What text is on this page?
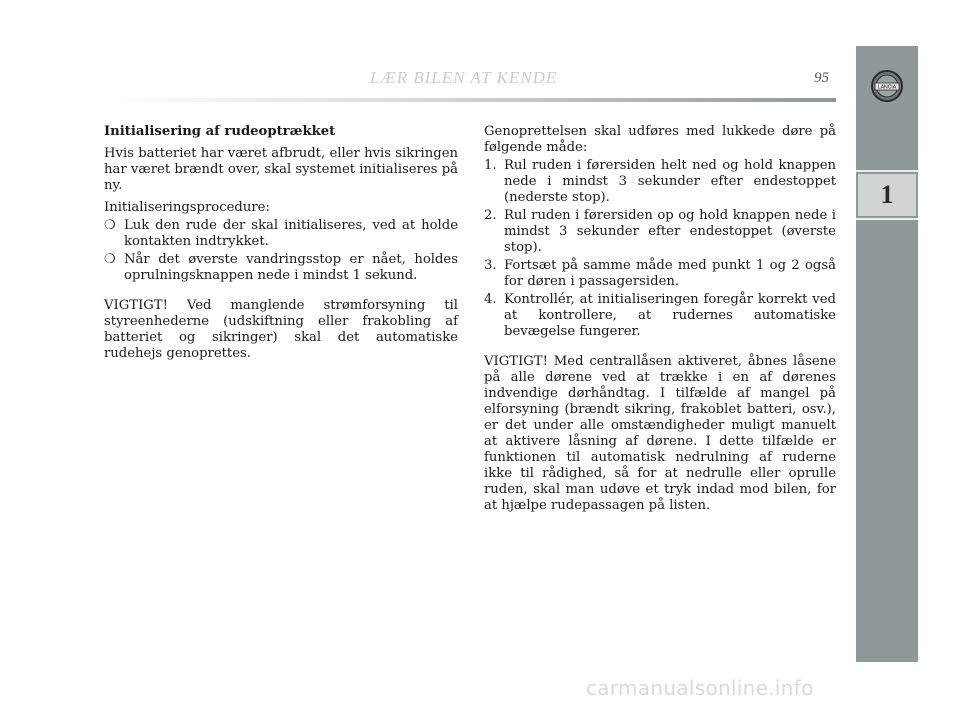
LÆR BILEN AT KENDE	95
LANCIA
1

Initialisering af rudeoptrækket

Hvis batteriet har været afbrudt, eller hvis sikringen har været brændt over, skal systemet initialiseres på ny.

Initialiseringsprocedure:

❍ Luk den rude der skal initialiseres, ved at holde kontakten indtrykket.
❍ Når det øverste vandringsstop er nået, holdes oprulningsknappen nede i mindst 1 sekund.

VIGTIGT! Ved manglende strømforsyning til styreenhederne (udskiftning eller frakobling af batteriet og sikringer) skal det automatiske rudehejs genoprettes.

Genoprettelsen skal udføres med lukkede døre på følgende måde:

1. Rul ruden i førersiden helt ned og hold knappen nede i mindst 3 sekunder efter endestoppet (nederste stop).
2. Rul ruden i førersiden op og hold knappen nede i mindst 3 sekunder efter endestoppet (øverste stop).
3. Fortsæt på samme måde med punkt 1 og 2 også for døren i passagersiden.
4. Kontrollér, at initialiseringen foregår korrekt ved at kontrollere, at rudernes automatiske bevægelse fungerer.

VIGTIGT! Med centrallåsen aktiveret, åbnes låsene på alle dørene ved at trække i en af dørenes indvendige dørhåndtag. I tilfælde af mangel på elforsyning (brændt sikring, frakoblet batteri, osv.), er det under alle omstændigheder muligt manuelt at aktivere låsning af dørene. I dette tilfælde er funktionen til automatisk nedrulning af ruderne ikke til rådighed, så for at nedrulle eller oprulle ruden, skal man udøve et tryk indad mod bilen, for at hjælpe rudepassagen på listen.

carmanualsonline.info
